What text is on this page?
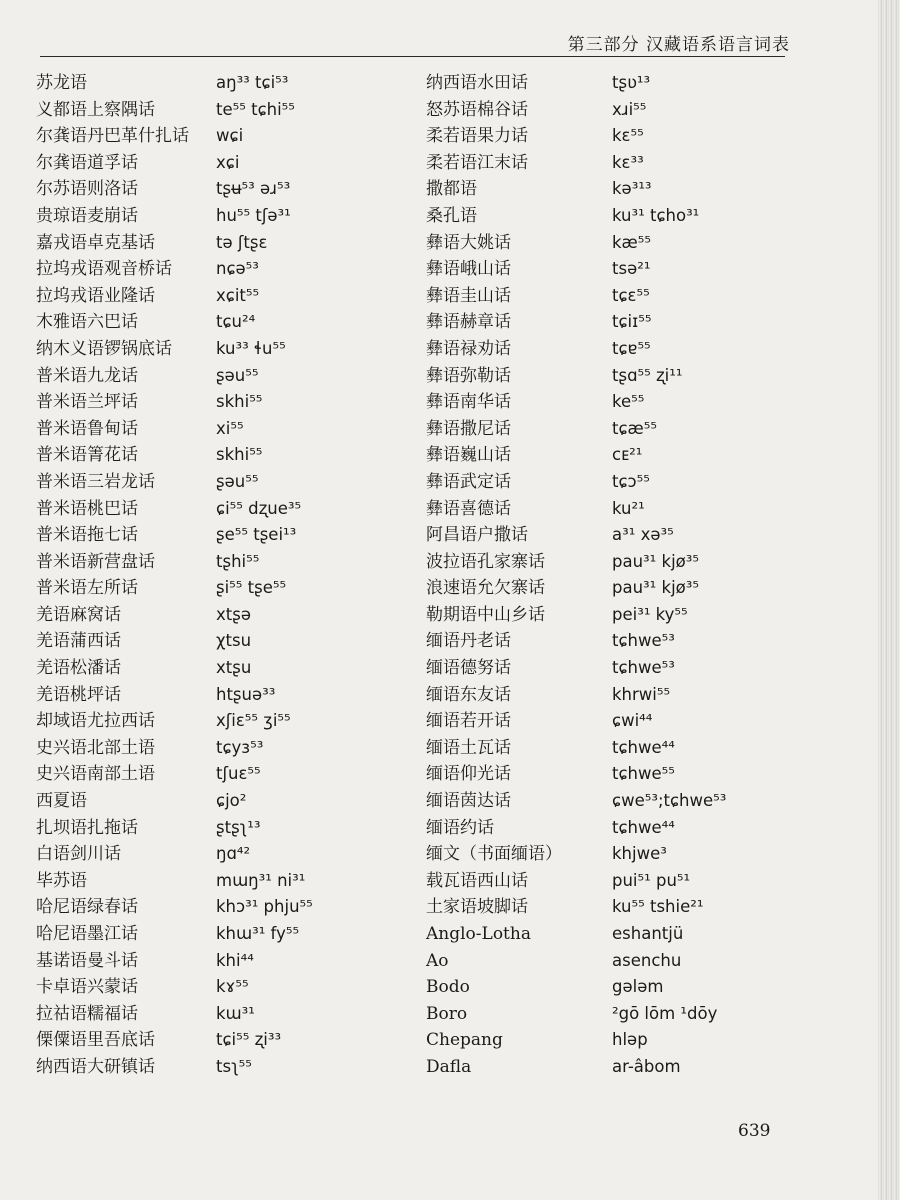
第三部分 汉藏语系语言词表
苏龙语	aŋ³³ tɕi⁵³
义都语上察隅话	te⁵⁵ tɕhi⁵⁵
尔龚语丹巴革什扎话 wɕi
尔龚语道孚话	xɕi
尔苏语则洛话	tʂʉ⁵³ əɹ⁵³
贵琼语麦崩话	hu⁵⁵ tʃə³¹
嘉戎语卓克基话	tə ʃtʂɛ
拉坞戎语观音桥话	nɕə⁵³
拉坞戎语业隆话	xɕit⁵⁵
木雅语六巴话	tɕu²⁴
纳木义语锣锅底话	ku³³ ɬu⁵⁵
普米语九龙话	ʂəu⁵⁵
普米语兰坪话	skhi⁵⁵
普米语鲁甸话	xi⁵⁵
普米语箐花话	skhi⁵⁵
普米语三岩龙话	ʂəu⁵⁵
普米语桃巴话	ɕi⁵⁵ dʐue³⁵
普米语拖七话	ʂe⁵⁵ tʂei¹³
普米语新营盘话	tʂhi⁵⁵
普米语左所话	ʂi⁵⁵ tʂe⁵⁵
羌语麻窝话	xtʂə
羌语蒲西话	χtsu
羌语松潘话	xtʂu
羌语桃坪话	htʂuə³³
却域语尤拉西话	xʃiɛ⁵⁵ ʒi⁵⁵
史兴语北部土语	tɕyɜ⁵³
史兴语南部土语	tʃuɛ⁵⁵
西夏语	ɕjo²
扎坝语扎拖话	ʂtʂʅ¹³
白语剑川话	ŋɑ⁴²
毕苏语	mɯŋ³¹ ni³¹
哈尼语绿春话	khɔ³¹ phju⁵⁵
哈尼语墨江话	khɯ³¹ fy⁵⁵
基诺语曼斗话	khi⁴⁴
卡卓语兴蒙话	kɤ⁵⁵
拉祜语糯福话	kɯ³¹
傈僳语里吾底话	tɕi⁵⁵ ʐi³³
纳西语大研镇话	tsʅ⁵⁵
纳西语水田话	tʂʋ¹³
怒苏语棉谷话	xɹi⁵⁵
柔若语果力话	kɛ⁵⁵
柔若语江末话	kɛ³³
撒都语	kə³¹³
桑孔语	ku³¹ tɕho³¹
彝语大姚话	kæ⁵⁵
彝语峨山话	tsə²¹
彝语圭山话	tɕɛ⁵⁵
彝语赫章话	tɕiɪ⁵⁵
彝语禄劝话	tɕɐ⁵⁵
彝语弥勒话	tʂɑ⁵⁵ ʐi¹¹
彝语南华话	ke⁵⁵
彝语撒尼话	tɕæ⁵⁵
彝语巍山话	ᴄᴇ²¹
彝语武定话	tɕɔ⁵⁵
彝语喜德话	ku²¹
阿昌语户撒话	a³¹ xə³⁵
波拉语孔家寨话	pau³¹ kjø³⁵
浪速语允欠寨话	pau³¹ kjø³⁵
勒期语中山乡话	pei³¹ ky⁵⁵
缅语丹老话	tɕhwe⁵³
缅语德努话	tɕhwe⁵³
缅语东友话	khrwi⁵⁵
缅语若开话	ɕwi⁴⁴
缅语土瓦话	tɕhwe⁴⁴
缅语仰光话	tɕhwe⁵⁵
缅语茵达话	ɕwe⁵³;tɕhwe⁵³
缅语约话	tɕhwe⁴⁴
缅文（书面缅语）	khjwe³
载瓦语西山话	pui⁵¹ pu⁵¹
土家语坡脚话	ku⁵⁵ tshie²¹
Anglo-Lotha	eshantjü
Ao	asenchu
Bodo	gələm
Boro	²gō lōm ¹dōy
Chepang	hləp
Dafla	ar-âbom
639
